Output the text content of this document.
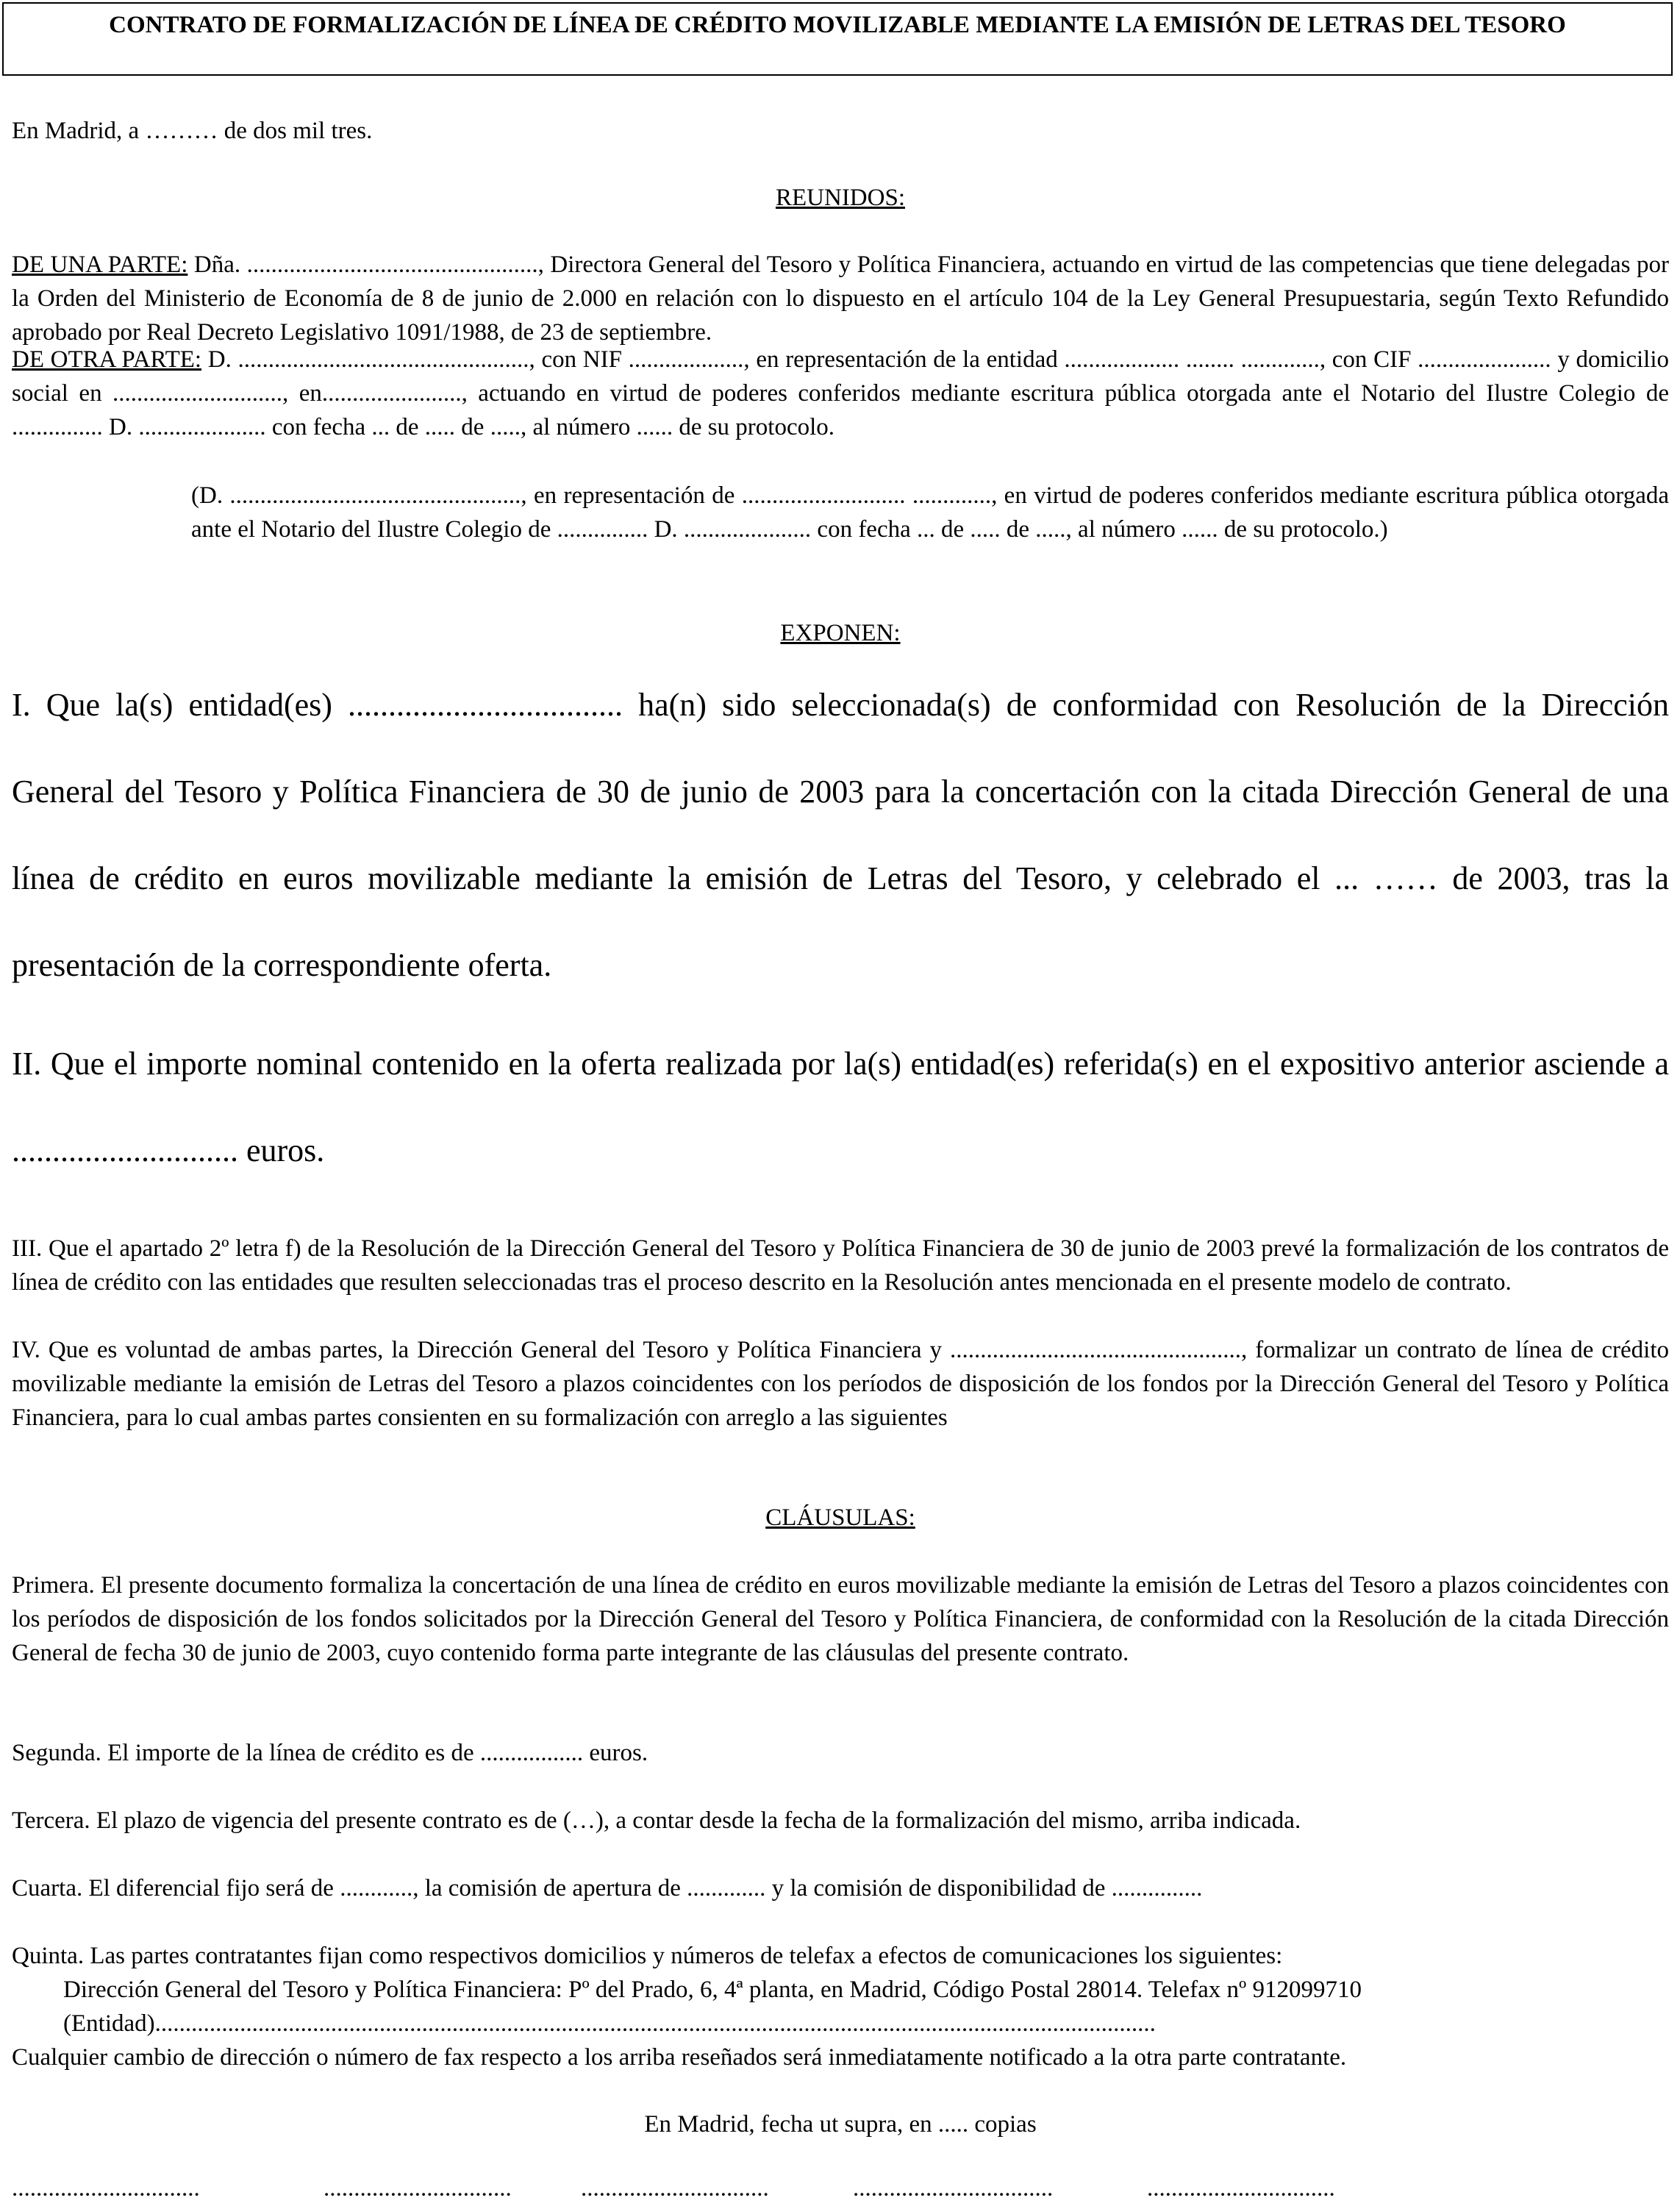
CONTRATO DE FORMALIZACIÓN DE LÍNEA DE CRÉDITO MOVILIZABLE MEDIANTE LA EMISIÓN DE LETRAS DEL TESORO
En Madrid, a ……… de dos mil tres.
REUNIDOS:
DE UNA PARTE: Dña. ................................................, Directora General del Tesoro y Política Financiera, actuando en virtud de las competencias que tiene delegadas por la Orden del Ministerio de Economía de 8 de junio de 2.000 en relación con lo dispuesto en el artículo 104 de la Ley General Presupuestaria, según Texto Refundido aprobado por Real Decreto Legislativo 1091/1988, de 23 de septiembre.
DE OTRA PARTE: D. ................................................, con NIF ..................., en representación de la entidad ................... ........ ............., con CIF ...................... y domicilio social en ............................, en......................., actuando en virtud de poderes conferidos mediante escritura pública otorgada ante el Notario del Ilustre Colegio de ............... D. ..................... con fecha ... de ..... de ....., al número ...... de su protocolo.
(D. ................................................, en representación de ........................... ............., en virtud de poderes conferidos mediante escritura pública otorgada ante el Notario del Ilustre Colegio de ............... D. ..................... con fecha ... de ..... de ....., al número ...... de su protocolo.)
EXPONEN:
I. Que la(s) entidad(es) .................................. ha(n) sido seleccionada(s) de conformidad con Resolución de la Dirección General del Tesoro y Política Financiera de 30 de junio de 2003 para la concertación con la citada Dirección General de una línea de crédito en euros movilizable mediante la emisión de Letras del Tesoro, y celebrado el ... …… de 2003, tras la presentación de la correspondiente oferta.
II. Que el importe nominal contenido en la oferta realizada por la(s) entidad(es) referida(s) en el expositivo anterior asciende a ............................ euros.
III. Que el apartado 2º letra f) de la Resolución de la Dirección General del Tesoro y Política Financiera de 30 de junio de 2003 prevé la formalización de los contratos de línea de crédito con las entidades que resulten seleccionadas tras el proceso descrito en la Resolución antes mencionada en el presente modelo de contrato.
IV. Que es voluntad de ambas partes, la Dirección General del Tesoro y Política Financiera y ................................................, formalizar un contrato de línea de crédito movilizable mediante la emisión de Letras del Tesoro a plazos coincidentes con los períodos de disposición de los fondos por la Dirección General del Tesoro y Política Financiera, para lo cual ambas partes consienten en su formalización con arreglo a las siguientes
CLÁUSULAS:
Primera. El presente documento formaliza la concertación de una línea de crédito en euros movilizable mediante la emisión de Letras del Tesoro a plazos coincidentes con los períodos de disposición de los fondos solicitados por la Dirección General del Tesoro y Política Financiera, de conformidad con la Resolución de la citada Dirección General de fecha 30 de junio de 2003, cuyo contenido forma parte integrante de las cláusulas del presente contrato.
Segunda. El importe de la línea de crédito es de ................. euros.
Tercera. El plazo de vigencia del presente contrato es de (…), a contar desde la fecha de la formalización del mismo, arriba indicada.
Cuarta. El diferencial fijo será de ............, la comisión de apertura de ............. y la comisión de disponibilidad de ...............
Quinta. Las partes contratantes fijan como respectivos domicilios y números de telefax a efectos de comunicaciones los siguientes:
Dirección General del Tesoro y Política Financiera: Pº del Prado, 6, 4ª planta, en Madrid, Código Postal 28014. Telefax nº 912099710
(Entidad).....................................................................................................................................................................
Cualquier cambio de dirección o número de fax respecto a los arriba reseñados será inmediatamente notificado a la otra parte contratante.
En Madrid, fecha ut supra, en ..... copias
...............................	...............................	...............................	.................................	...............................
